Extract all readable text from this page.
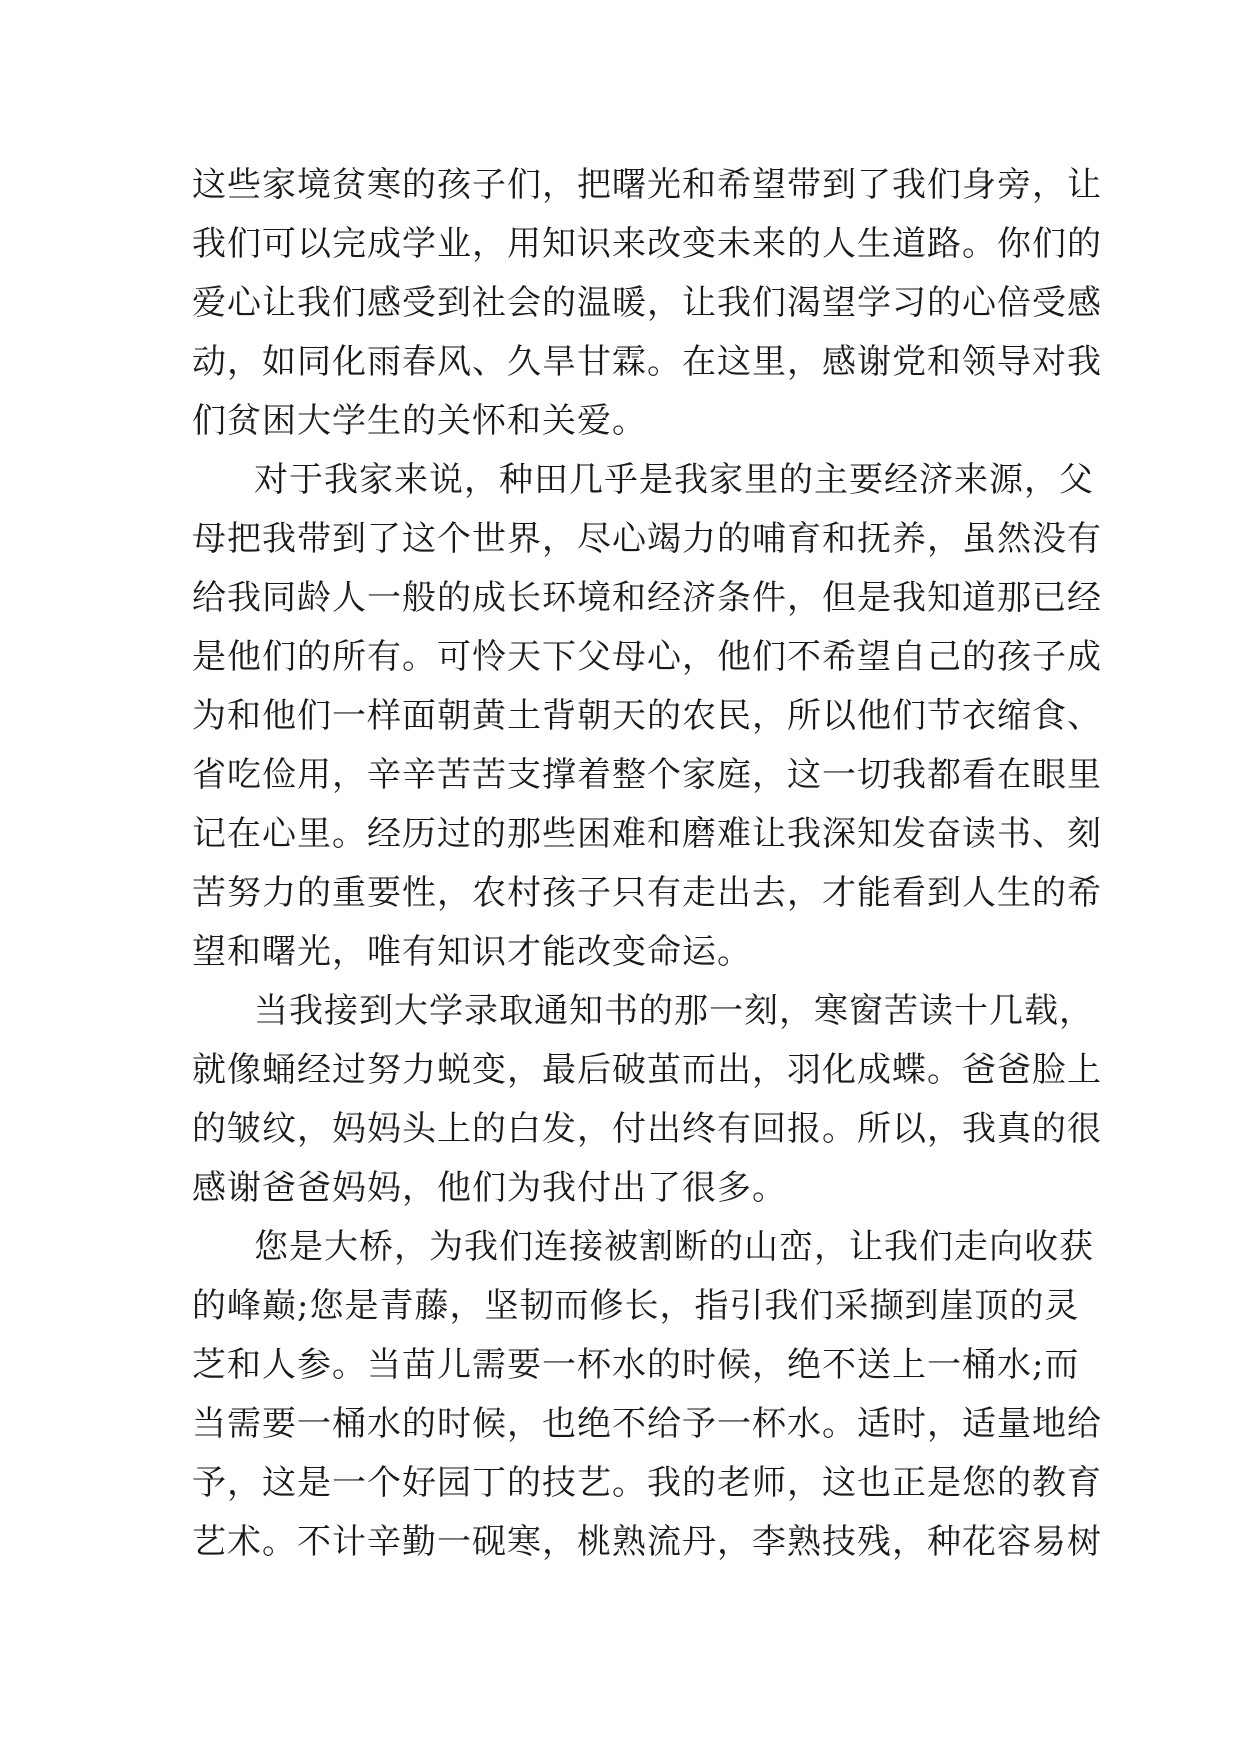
这些家境贫寒的孩子们，把曙光和希望带到了我们身旁，让
我们可以完成学业，用知识来改变未来的人生道路。你们的
爱心让我们感受到社会的温暖，让我们渴望学习的心倍受感
动，如同化雨春风、久旱甘霖。在这里，感谢党和领导对我
们贫困大学生的关怀和关爱。
对于我家来说，种田几乎是我家里的主要经济来源，父
母把我带到了这个世界，尽心竭力的哺育和抚养，虽然没有
给我同龄人一般的成长环境和经济条件，但是我知道那已经
是他们的所有。可怜天下父母心，他们不希望自己的孩子成
为和他们一样面朝黄土背朝天的农民，所以他们节衣缩食、
省吃俭用，辛辛苦苦支撑着整个家庭，这一切我都看在眼里
记在心里。经历过的那些困难和磨难让我深知发奋读书、刻
苦努力的重要性，农村孩子只有走出去，才能看到人生的希
望和曙光，唯有知识才能改变命运。
当我接到大学录取通知书的那一刻，寒窗苦读十几载，
就像蛹经过努力蜕变，最后破茧而出，羽化成蝶。爸爸脸上
的皱纹，妈妈头上的白发，付出终有回报。所以，我真的很
感谢爸爸妈妈，他们为我付出了很多。
您是大桥，为我们连接被割断的山峦，让我们走向收获
的峰巅;您是青藤，坚韧而修长，指引我们采撷到崖顶的灵
芝和人参。当苗儿需要一杯水的时候，绝不送上一桶水;而
当需要一桶水的时候，也绝不给予一杯水。适时，适量地给
予，这是一个好园丁的技艺。我的老师，这也正是您的教育
艺术。不计辛勤一砚寒，桃熟流丹，李熟技残，种花容易树
